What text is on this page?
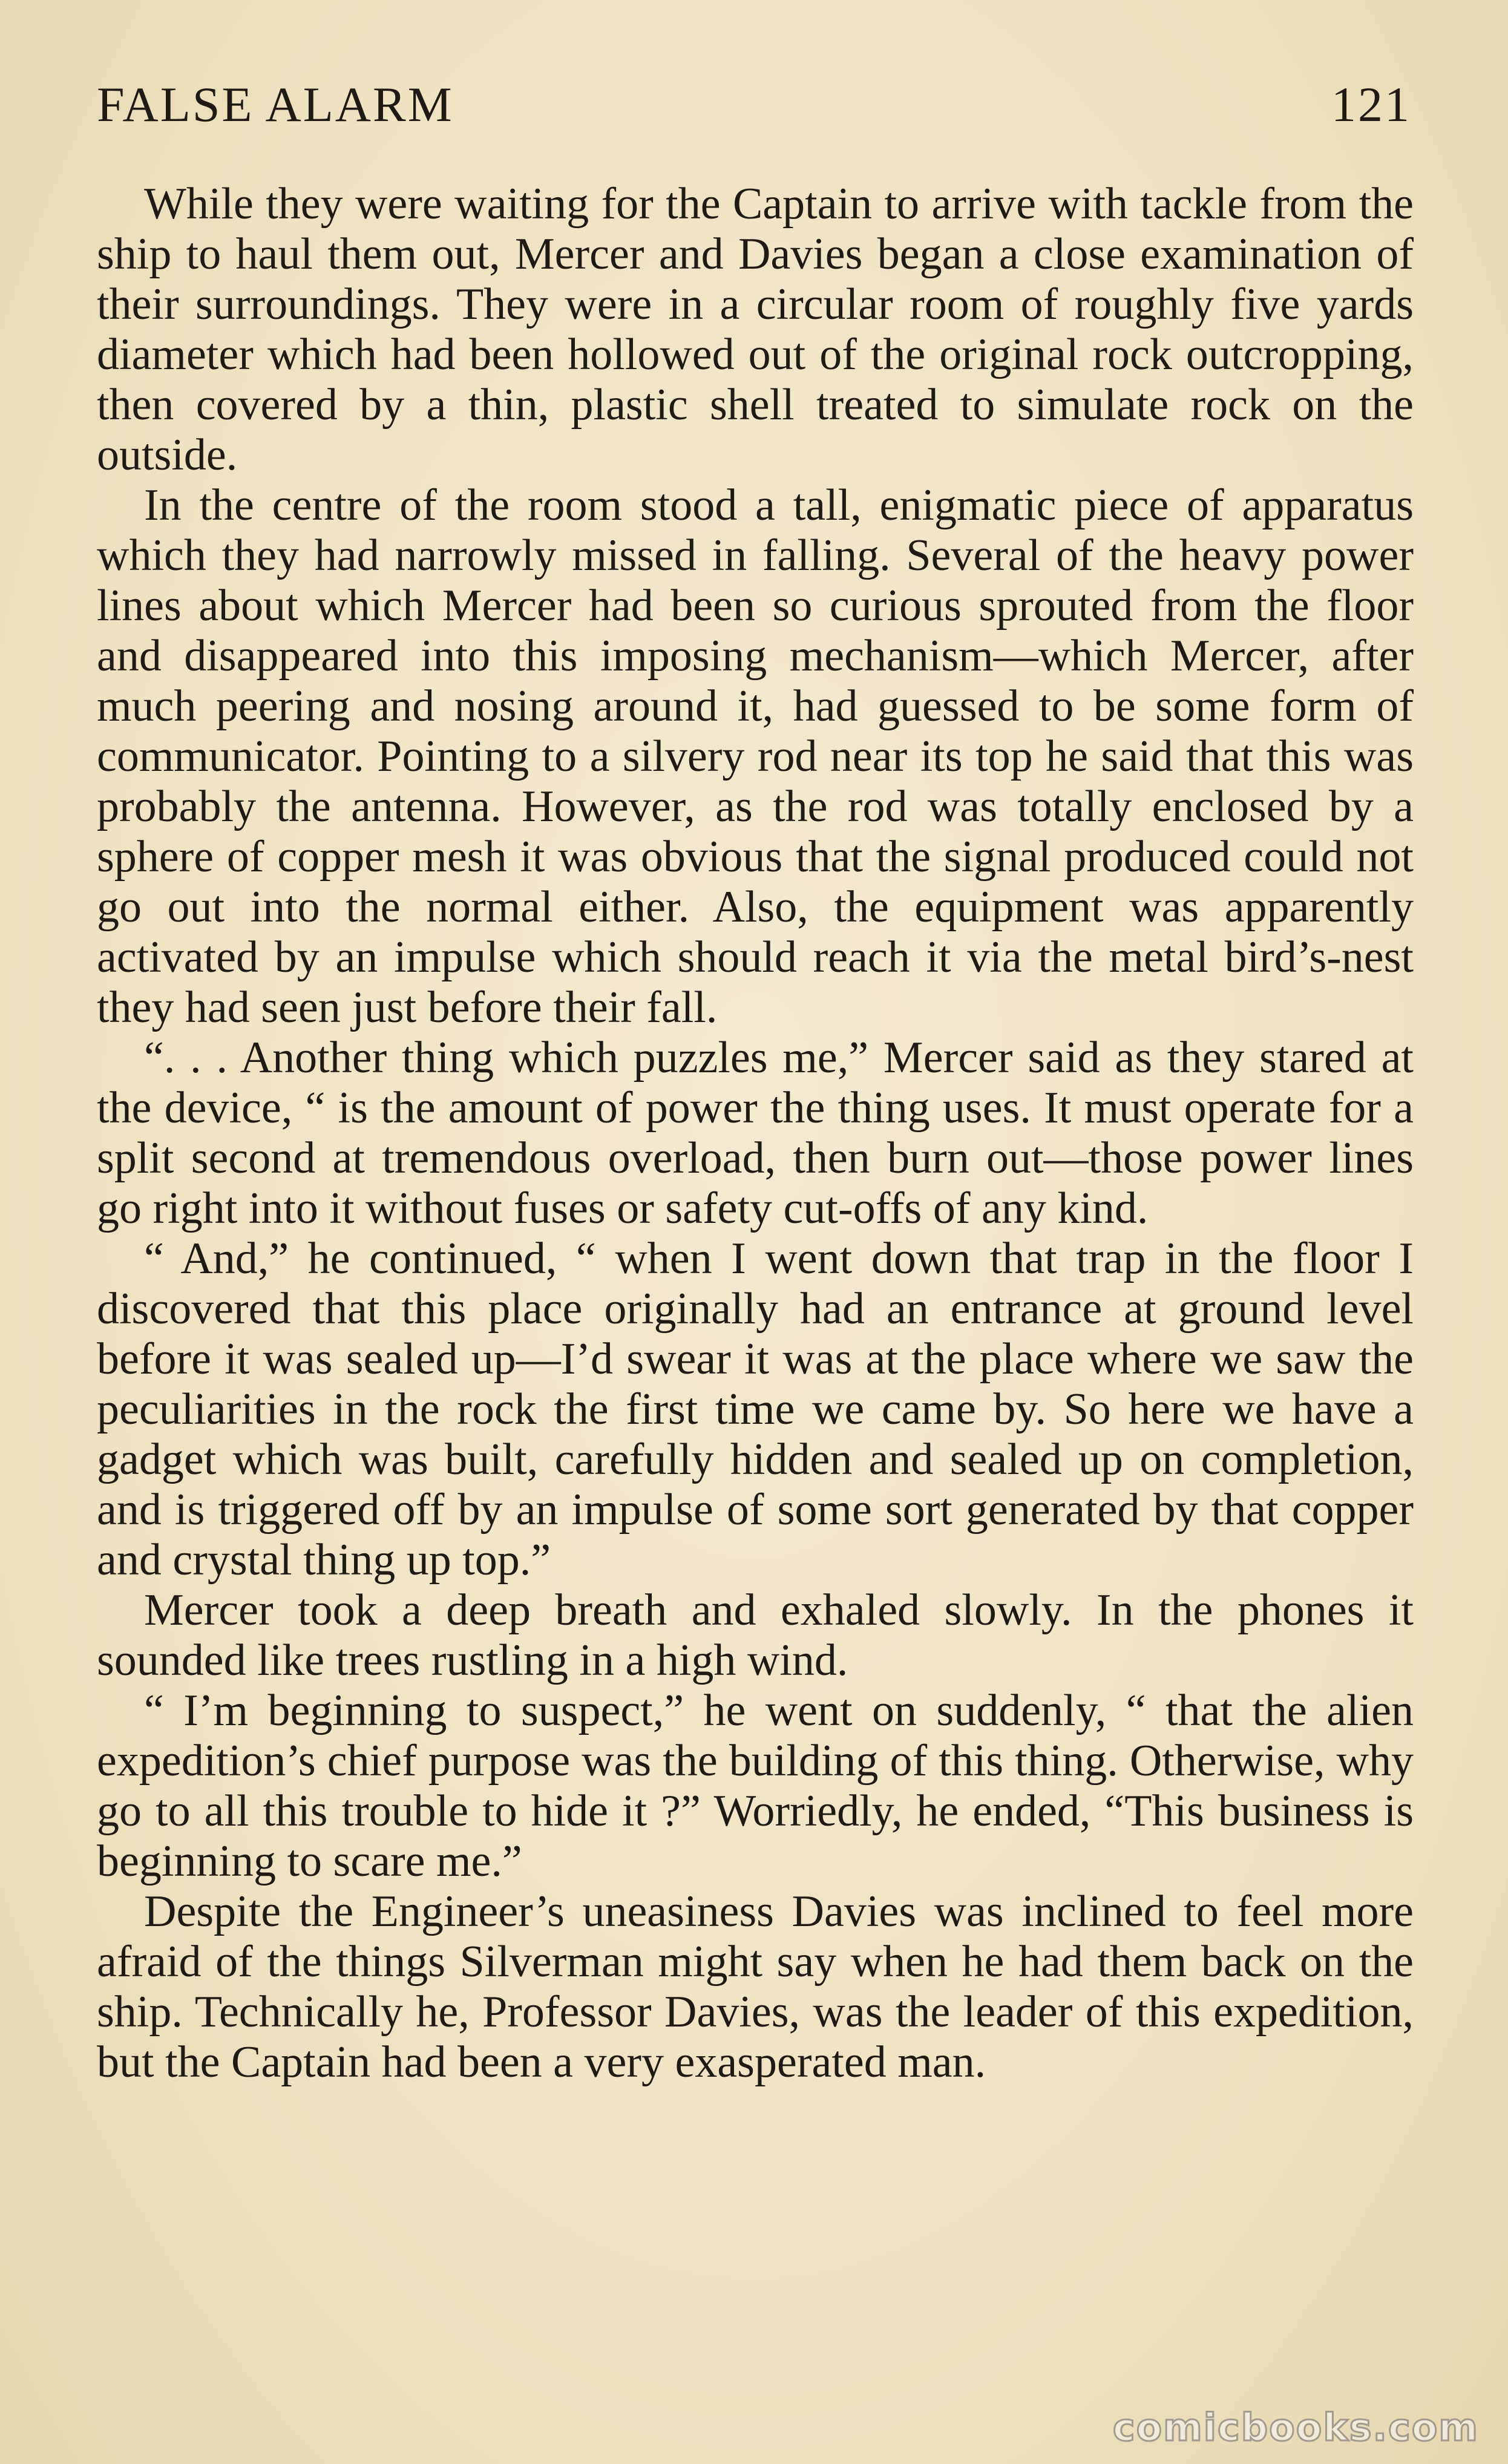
FALSE ALARM	121

While they were waiting for the Captain to arrive with tackle from the ship to haul them out, Mercer and Davies began a close examination of their surroundings. They were in a circular room of roughly five yards diameter which had been hollowed out of the original rock outcropping, then covered by a thin, plastic shell treated to simulate rock on the outside.

In the centre of the room stood a tall, enigmatic piece of apparatus which they had narrowly missed in falling. Several of the heavy power lines about which Mercer had been so curious sprouted from the floor and disappeared into this imposing mechanism—which Mercer, after much peering and nosing around it, had guessed to be some form of communicator. Pointing to a silvery rod near its top he said that this was probably the antenna. However, as the rod was totally enclosed by a sphere of copper mesh it was obvious that the signal produced could not go out into the normal either. Also, the equipment was apparently activated by an impulse which should reach it via the metal bird’s-nest they had seen just before their fall.

“. . . Another thing which puzzles me,” Mercer said as they stared at the device, “ is the amount of power the thing uses. It must operate for a split second at tremendous overload, then burn out—those power lines go right into it without fuses or safety cut-offs of any kind.

“ And,” he continued, “ when I went down that trap in the floor I discovered that this place originally had an entrance at ground level before it was sealed up—I’d swear it was at the place where we saw the peculiarities in the rock the first time we came by. So here we have a gadget which was built, carefully hidden and sealed up on completion, and is triggered off by an impulse of some sort generated by that copper and crystal thing up top.”

Mercer took a deep breath and exhaled slowly. In the phones it sounded like trees rustling in a high wind.

“ I’m beginning to suspect,” he went on suddenly, “ that the alien expedition’s chief purpose was the building of this thing. Otherwise, why go to all this trouble to hide it ?” Worriedly, he ended, “This business is beginning to scare me.”

Despite the Engineer’s uneasiness Davies was inclined to feel more afraid of the things Silverman might say when he had them back on the ship. Technically he, Professor Davies, was the leader of this expedition, but the Captain had been a very exasperated man.

comicbooks.com
